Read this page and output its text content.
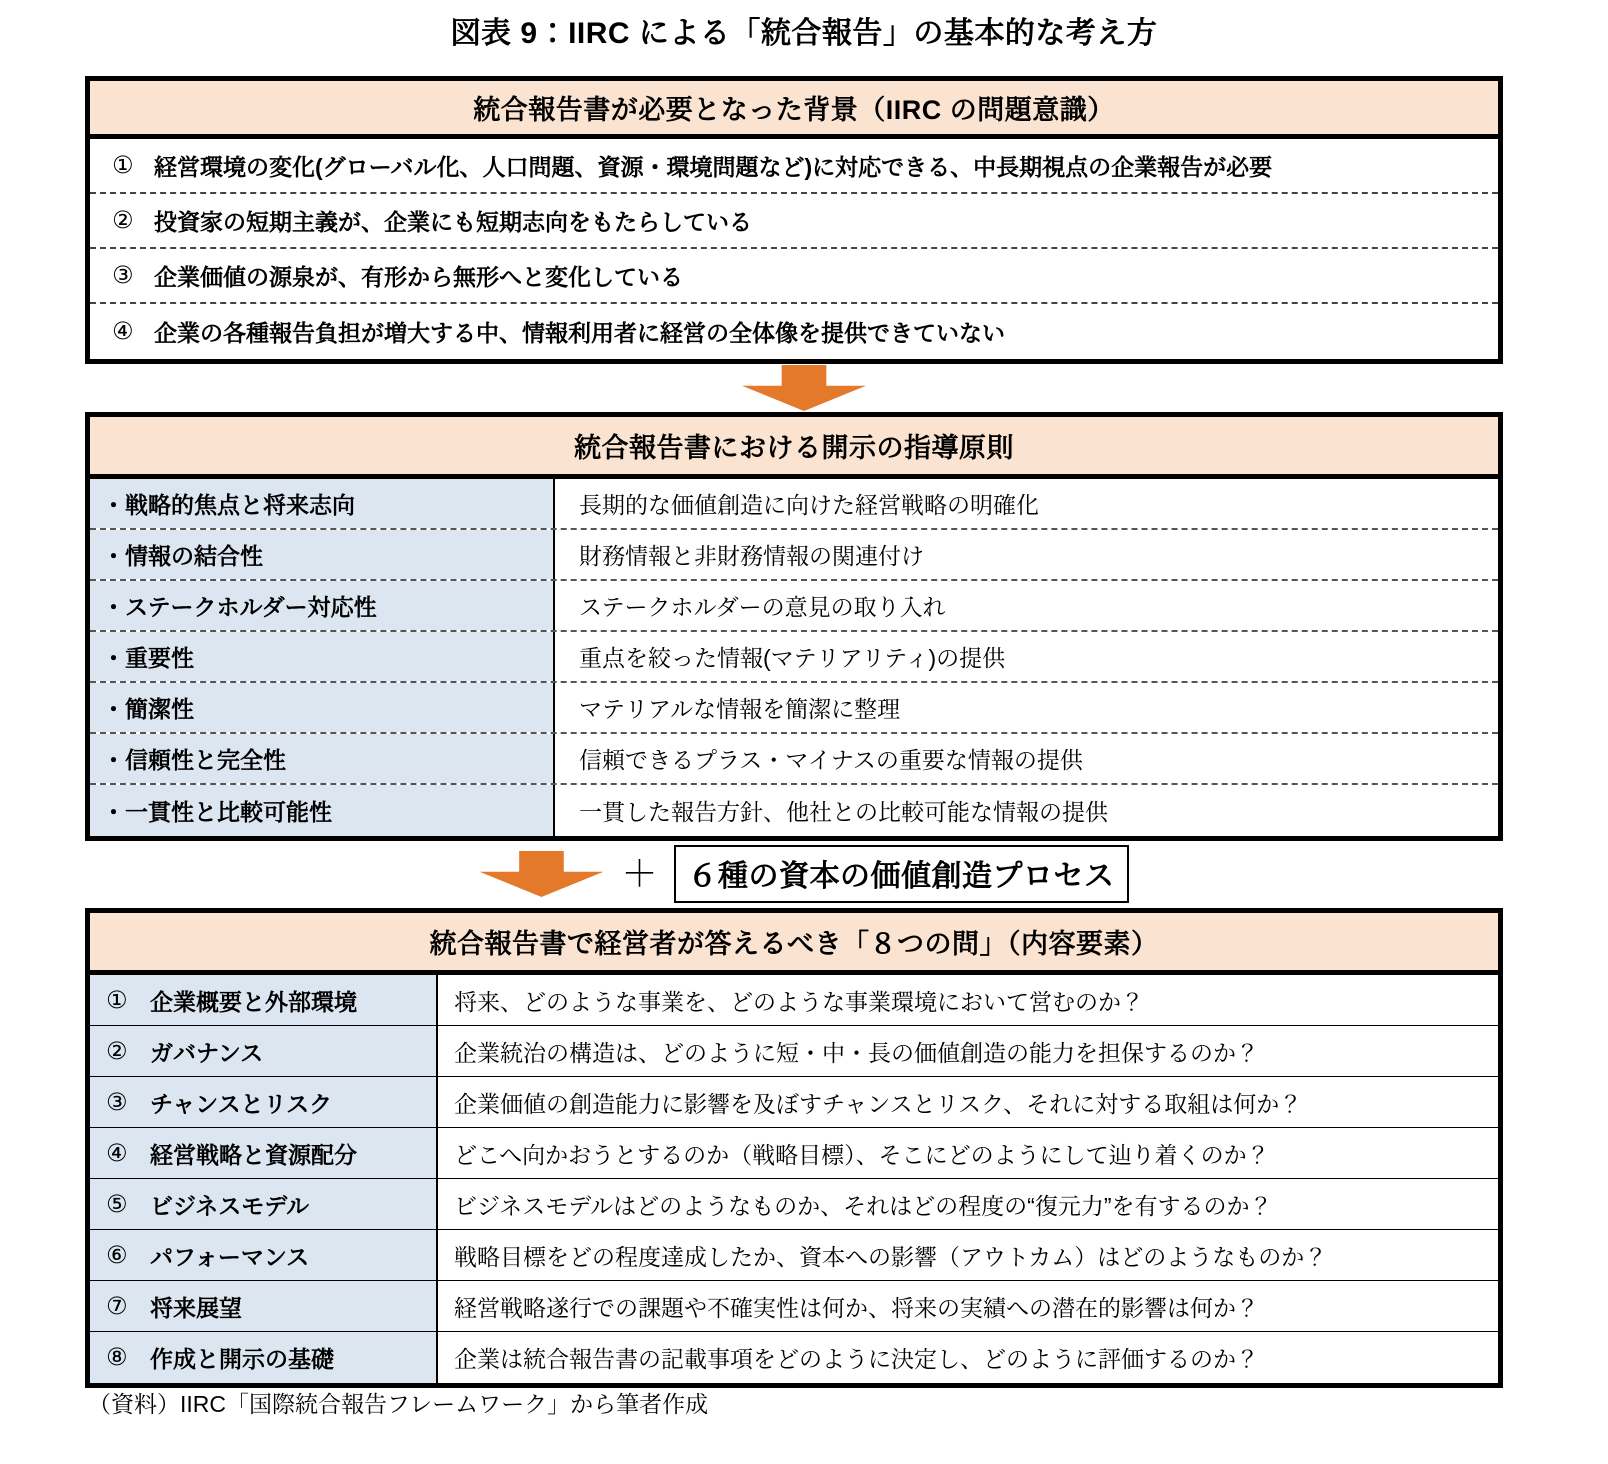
図表 9：IIRC による「統合報告」の基本的な考え方
統合報告書が必要となった背景（IIRC の問題意識）
① 経営環境の変化(グローバル化、人口問題、資源・環境問題など)に対応できる、中長期視点の企業報告が必要
② 投資家の短期主義が、企業にも短期志向をもたらしている
③ 企業価値の源泉が、有形から無形へと変化している
④ 企業の各種報告負担が増大する中、情報利用者に経営の全体像を提供できていない
統合報告書における開示の指導原則
・戦略的焦点と将来志向	長期的な価値創造に向けた経営戦略の明確化
・情報の結合性	財務情報と非財務情報の関連付け
・ステークホルダー対応性	ステークホルダーの意見の取り入れ
・重要性	重点を絞った情報(マテリアリティ)の提供
・簡潔性	マテリアルな情報を簡潔に整理
・信頼性と完全性	信頼できるプラス・マイナスの重要な情報の提供
・一貫性と比較可能性	一貫した報告方針、他社との比較可能な情報の提供
＋	６種の資本の価値創造プロセス
統合報告書で経営者が答えるべき「８つの問」（内容要素）
① 企業概要と外部環境	将来、どのような事業を、どのような事業環境において営むのか？
② ガバナンス	企業統治の構造は、どのように短・中・長の価値創造の能力を担保するのか？
③ チャンスとリスク	企業価値の創造能力に影響を及ぼすチャンスとリスク、それに対する取組は何か？
④ 経営戦略と資源配分	どこへ向かおうとするのか（戦略目標）、そこにどのようにして辿り着くのか？
⑤ ビジネスモデル	ビジネスモデルはどのようなものか、それはどの程度の“復元力”を有するのか？
⑥ パフォーマンス	戦略目標をどの程度達成したか、資本への影響（アウトカム）はどのようなものか？
⑦ 将来展望	経営戦略遂行での課題や不確実性は何か、将来の実績への潜在的影響は何か？
⑧ 作成と開示の基礎	企業は統合報告書の記載事項をどのように決定し、どのように評価するのか？
（資料）IIRC「国際統合報告フレームワーク」から筆者作成
